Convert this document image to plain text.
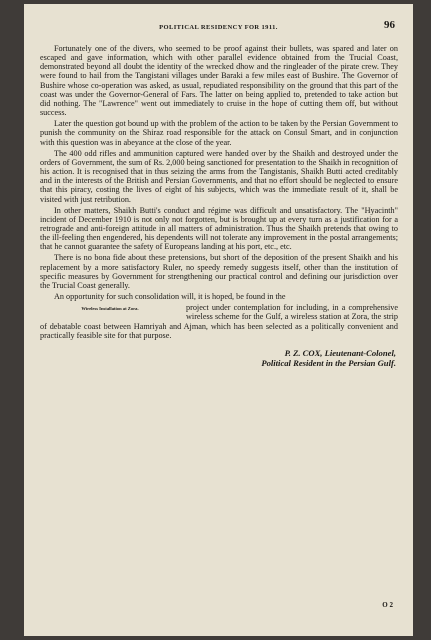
POLITICAL RESIDENCY FOR 1911.	96

Fortunately one of the divers, who seemed to be proof against their bullets, was spared and later on escaped and gave information, which with other parallel evidence obtained from the Trucial Coast, demonstrated beyond all doubt the identity of the wrecked dhow and the ringleader of the pirate crew. They were found to hail from the Tangistani villages under Baraki a few miles east of Bushire. The Governor of Bushire whose co-operation was asked, as usual, repudiated responsibility on the ground that this part of the coast was under the Governor-General of Fars. The latter on being applied to, pretended to take action but did nothing. The "Lawrence" went out immediately to cruise in the hope of cutting them off, but without success.

Later the question got bound up with the problem of the action to be taken by the Persian Government to punish the community on the Shiraz road responsible for the attack on Consul Smart, and in conjunction with this question was in abeyance at the close of the year.

The 400 odd rifles and ammunition captured were handed over by the Shaikh and destroyed under the orders of Government, the sum of Rs. 2,000 being sanctioned for presentation to the Shaikh in recognition of his action. It is recognised that in thus seizing the arms from the Tangistanis, Shaikh Butti acted creditably and in the interests of the British and Persian Governments, and that no effort should be neglected to ensure that this piracy, costing the lives of eight of his subjects, which was the immediate result of it, shall be visited with just retribution.

In other matters, Shaikh Butti's conduct and régime was difficult and unsatisfactory. The "Hyacinth" incident of December 1910 is not only not forgotten, but is brought up at every turn as a justification for a retrograde and anti-foreign attitude in all matters of administration. Thus the Shaikh pretends that owing to the ill-feeling then engendered, his dependents will not tolerate any improvement in the postal arrangements; that he cannot guarantee the safety of Europeans landing at his port, etc., etc.

There is no bona fide about these pretensions, but short of the deposition of the present Shaikh and his replacement by a more satisfactory Ruler, no speedy remedy suggests itself, other than the institution of specific measures by Government for strengthening our practical control and defining our jurisdiction over the Trucial Coast generally.

An opportunity for such consolidation will, it is hoped, be found in the

Wireless Installation at Zora.	project under contemplation for including, in a comprehensive wireless scheme for the Gulf, a wireless station at Zora, the strip of debatable coast between Hamriyah and Ajman, which has been selected as a politically convenient and practically feasible site for that purpose.
P. Z. COX, Lieutenant-Colonel,
Political Resident in the Persian Gulf.
O 2
